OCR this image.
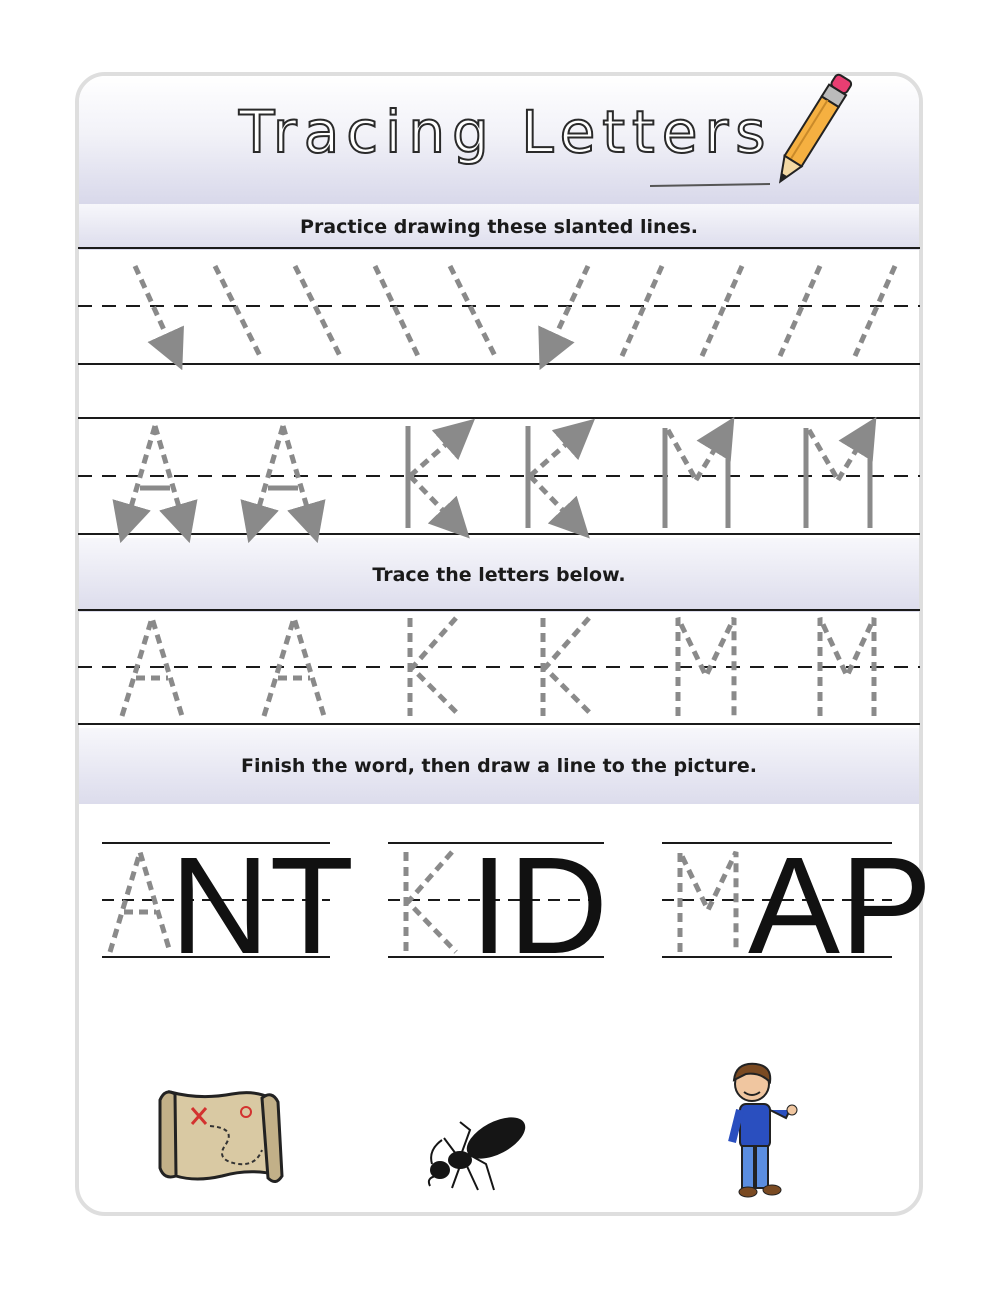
Tracing Letters
Practice drawing these slanted lines.
Trace the letters below.
Finish the word, then draw a line to the picture.
NT ID AP
